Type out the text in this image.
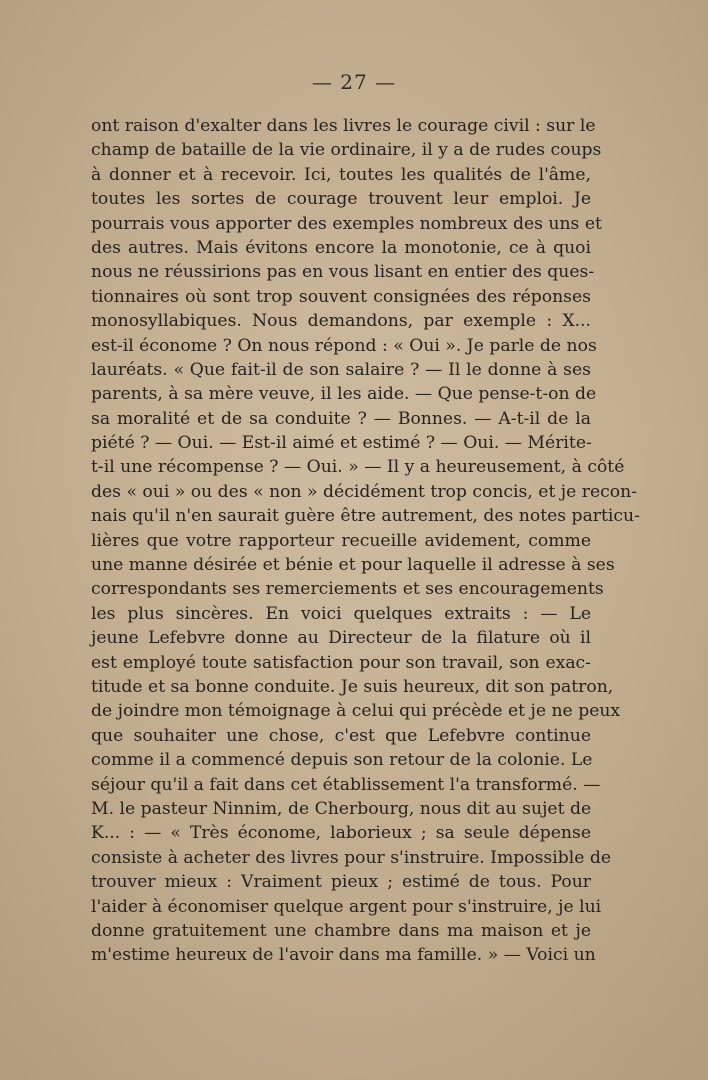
— 27 —
ont raison d'exalter dans les livres le courage civil : sur le
champ de bataille de la vie ordinaire, il y a de rudes coups
à donner et à recevoir. Ici, toutes les qualités de l'âme,
toutes les sortes de courage trouvent leur emploi. Je
pourrais vous apporter des exemples nombreux des uns et
des autres. Mais évitons encore la monotonie, ce à quoi
nous ne réussirions pas en vous lisant en entier des ques-
tionnaires où sont trop souvent consignées des réponses
monosyllabiques. Nous demandons, par exemple : X...
est-il économe ? On nous répond : « Oui ». Je parle de nos
lauréats. « Que fait-il de son salaire ? — Il le donne à ses
parents, à sa mère veuve, il les aide. — Que pense-t-on de
sa moralité et de sa conduite ? — Bonnes. — A-t-il de la
piété ? — Oui. — Est-il aimé et estimé ? — Oui. — Mérite-
t-il une récompense ? — Oui. » — Il y a heureusement, à côté
des « oui » ou des « non » décidément trop concis, et je recon-
nais qu'il n'en saurait guère être autrement, des notes particu-
lières que votre rapporteur recueille avidement, comme
une manne désirée et bénie et pour laquelle il adresse à ses
correspondants ses remerciements et ses encouragements
les plus sincères. En voici quelques extraits : — Le
jeune Lefebvre donne au Directeur de la filature où il
est employé toute satisfaction pour son travail, son exac-
titude et sa bonne conduite. Je suis heureux, dit son patron,
de joindre mon témoignage à celui qui précède et je ne peux
que souhaiter une chose, c'est que Lefebvre continue
comme il a commencé depuis son retour de la colonie. Le
séjour qu'il a fait dans cet établissement l'a transformé. —
M. le pasteur Ninnim, de Cherbourg, nous dit au sujet de
K... : — « Très économe, laborieux ; sa seule dépense
consiste à acheter des livres pour s'instruire. Impossible de
trouver mieux : Vraiment pieux ; estimé de tous. Pour
l'aider à économiser quelque argent pour s'instruire, je lui
donne gratuitement une chambre dans ma maison et je
m'estime heureux de l'avoir dans ma famille. » — Voici un
